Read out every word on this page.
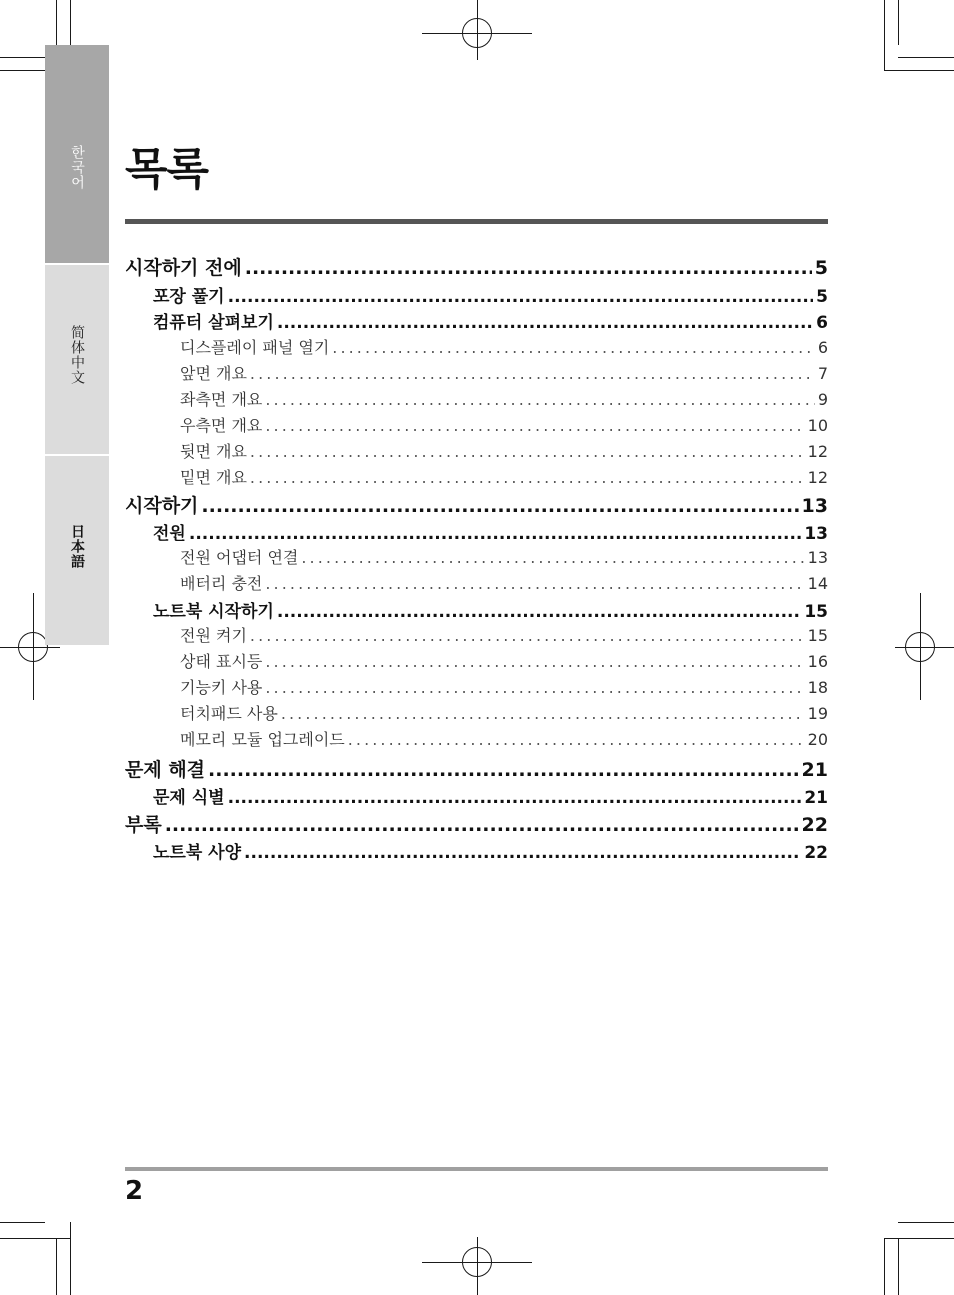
한국어
简体中文
日本語
목록
시작하기 전에 .....	5
포장 풀기 .....	5
컴퓨터 살펴보기 .....	6
디스플레이 패널 열기 . . .	6
앞면 개요 . . .	7
좌측면 개요 . . .	9
우측면 개요 . . .	10
뒷면 개요 . . .	12
밑면 개요 . . .	12
시작하기 .....	13
전원 .....	13
전원 어댑터 연결 . . .	13
배터리 충전 . . .	14
노트북 시작하기 .....	15
전원 켜기 . . .	15
상태 표시등 . . .	16
기능키 사용 . . .	18
터치패드 사용 . . .	19
메모리 모듈 업그레이드 . . .	20
문제 해결 .....	21
문제 식별 .....	21
부록 .....	22
노트북 사양 .....	22
2
